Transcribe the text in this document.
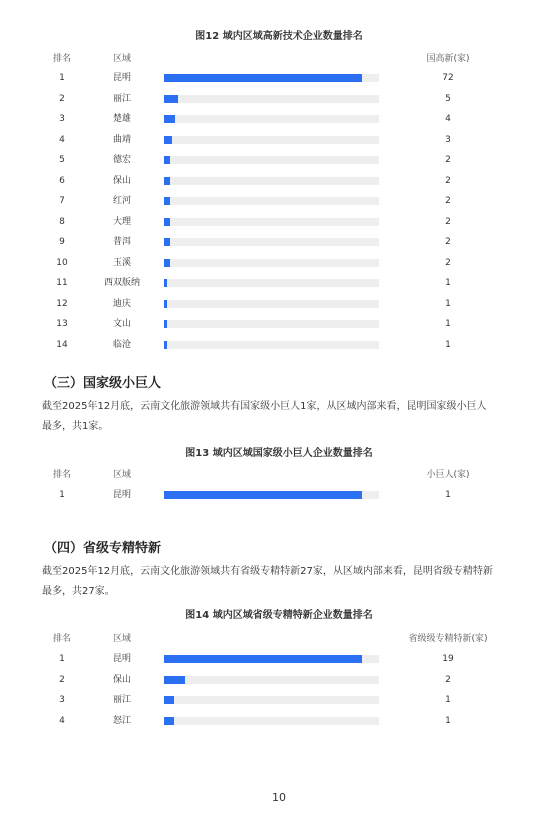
图12 域内区域高新技术企业数量排名
排名	区域	国高新(家)
1	昆明	72
2	丽江	5
3	楚雄	4
4	曲靖	3
5	德宏	2
6	保山	2
7	红河	2
8	大理	2
9	普洱	2
10	玉溪	2
11	西双版纳	1
12	迪庆	1
13	文山	1
14	临沧	1
（三）国家级小巨人
截至2025年12月底，云南文化旅游领域共有国家级小巨人1家，从区域内部来看，昆明国家级小巨人
最多，共1家。
图13 域内区域国家级小巨人企业数量排名
排名	区域	小巨人(家)
1	昆明	1
（四）省级专精特新
截至2025年12月底，云南文化旅游领域共有省级专精特新27家，从区域内部来看，昆明省级专精特新
最多，共27家。
图14 域内区域省级专精特新企业数量排名
排名	区域	省级级专精特新(家)
1	昆明	19
2	保山	2
3	丽江	1
4	怒江	1
10
